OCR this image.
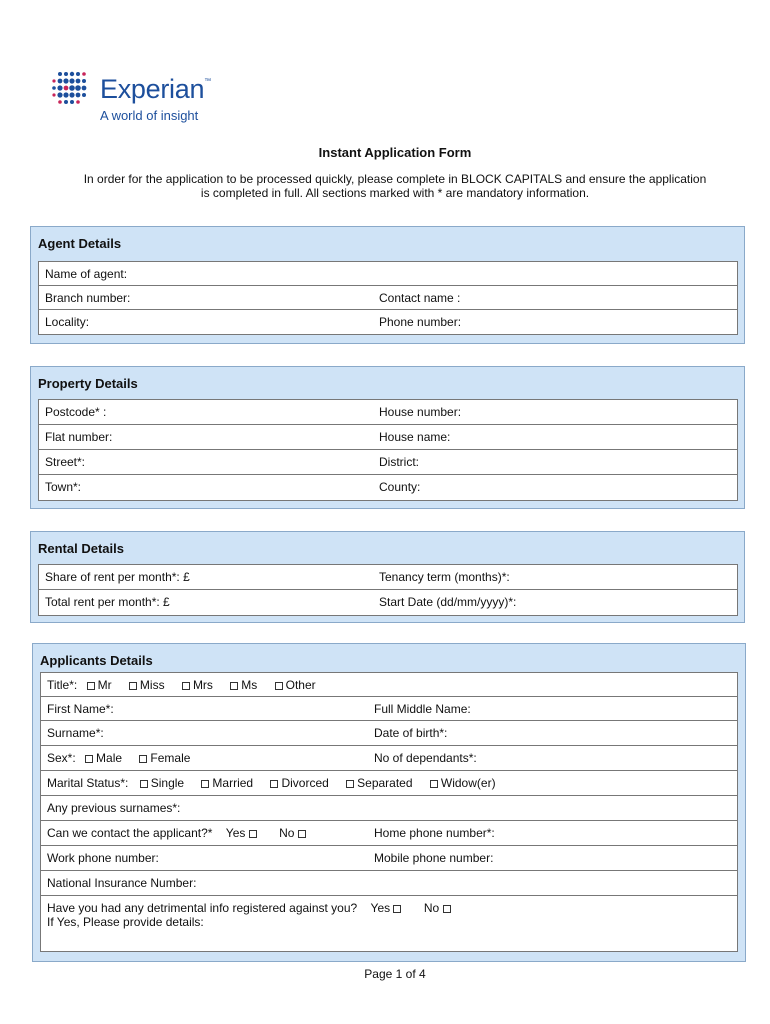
Experian™
A world of insight
Instant Application Form
In order for the application to be processed quickly, please complete in BLOCK CAPITALS and ensure the application is completed in full. All sections marked with * are mandatory information.
Agent Details
Name of agent:
Branch number:	Contact name :
Locality:	Phone number:
Property Details
Postcode* :	House number:
Flat number:	House name:
Street*:	District:
Town*:	County:
Rental Details
Share of rent per month*: £	Tenancy term (months)*:
Total rent per month*: £	Start Date (dd/mm/yyyy)*:
Applicants Details
Title*: Mr Miss Mrs Ms Other
First Name*:	Full Middle Name:
Surname*:	Date of birth*:
Sex*: Male Female	No of dependants*:
Marital Status*: Single Married Divorced Separated Widow(er)
Any previous surnames*:
Can we contact the applicant?* Yes	No	Home phone number*:
Work phone number:	Mobile phone number:
National Insurance Number:
Have you had any detrimental info registered against you? Yes	No
If Yes, Please provide details:
Page 1 of 4
